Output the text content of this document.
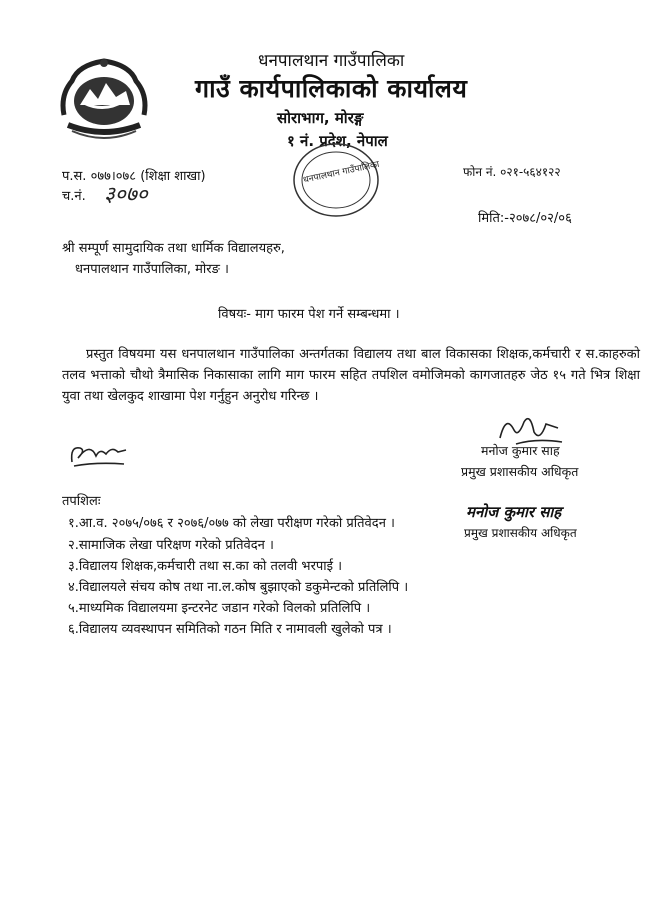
धनपालथान गाउँपालिका
गाउँ कार्यपालिकाको कार्यालय
सोराभाग, मोरङ्ग
१ नं. प्रदेश, नेपाल
धनपालथान गाउँपालिका
प.स. ०७७।०७८ (शिक्षा शाखा)
च.नं. ३०७०
फोन नं. ०२१-५६४१२२
मिति:-२०७८/०२/०६
श्री सम्पूर्ण सामुदायिक तथा धार्मिक विद्यालयहरु,
धनपालथान गाउँपालिका, मोरङ ।
विषयः- माग फारम पेश गर्ने सम्बन्धमा ।
प्रस्तुत विषयमा यस धनपालथान गाउँपालिका अन्तर्गतका विद्यालय तथा बाल विकासका शिक्षक,कर्मचारी र स.काहरुको तलव भत्ताको चौथो त्रैमासिक निकासाका लागि माग फारम सहित तपशिल वमोजिमको कागजातहरु जेठ १५ गते भित्र शिक्षा युवा तथा खेलकुद शाखामा पेश गर्नुहुन अनुरोध गरिन्छ ।
मनोज कुमार साह
प्रमुख प्रशासकीय अधिकृत
तपशिलः
१.आ.व. २०७५/०७६ र २०७६/०७७ को लेखा परीक्षण गरेको प्रतिवेदन ।
२.सामाजिक लेखा परिक्षण गरेको प्रतिवेदन ।
३.विद्यालय शिक्षक,कर्मचारी तथा स.का को तलवी भरपाई ।
४.विद्यालयले संचय कोष तथा ना.ल.कोष बुझाएको डकुमेन्टको प्रतिलिपि ।
५.माध्यमिक विद्यालयमा इन्टरनेट जडान गरेको विलको प्रतिलिपि ।
६.विद्यालय व्यवस्थापन समितिको गठन मिति र नामावली खुलेको पत्र ।
मनोज कुमार साह
प्रमुख प्रशासकीय अधिकृत
